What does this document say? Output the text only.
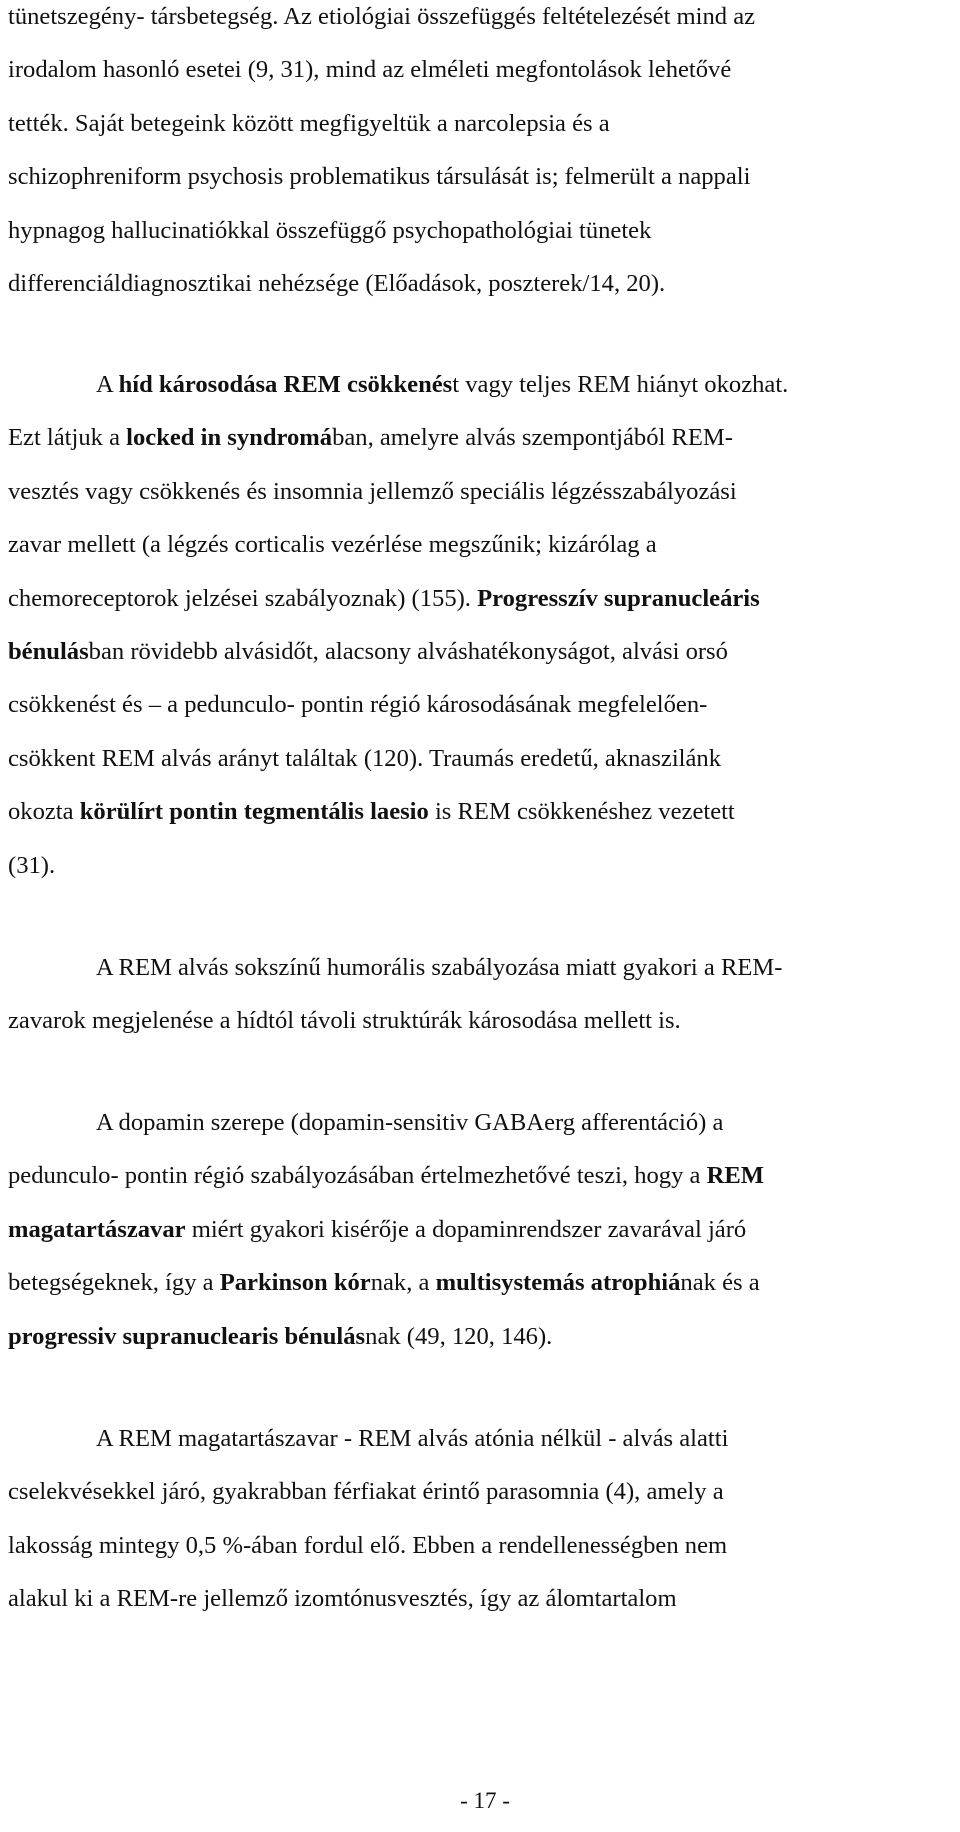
tünetszegény- társbetegség. Az etiológiai összefüggés feltételezését mind az
irodalom hasonló esetei (9, 31), mind az elméleti megfontolások lehetővé
tették. Saját betegeink között megfigyeltük a narcolepsia és a
schizophreniform psychosis problematikus társulását is; felmerült a nappali
hypnagog hallucinatiókkal összefüggő psychopathológiai tünetek
differenciáldiagnosztikai nehézsége (Előadások, poszterek/14, 20).
A híd károsodása REM csökkenést vagy teljes REM hiányt okozhat.
Ezt látjuk a locked in syndromában, amelyre alvás szempontjából REM-
vesztés vagy csökkenés és insomnia jellemző speciális légzésszabályozási
zavar mellett (a légzés corticalis vezérlése megszűnik; kizárólag a
chemoreceptorok jelzései szabályoznak) (155). Progresszív supranucleáris
bénulásban rövidebb alvásidőt, alacsony alváshatékonyságot, alvási orsó
csökkenést és – a pedunculo- pontin régió károsodásának megfelelően-
csökkent REM alvás arányt találtak (120). Traumás eredetű, aknaszilánk
okozta körülírt pontin tegmentális laesio is REM csökkenéshez vezetett
(31).
A REM alvás sokszínű humorális szabályozása miatt gyakori a REM-
zavarok megjelenése a hídtól távoli struktúrák károsodása mellett is.
A dopamin szerepe (dopamin-sensitiv GABAerg afferentáció) a
pedunculo- pontin régió szabályozásában értelmezhetővé teszi, hogy a REM
magatartászavar miért gyakori kisérője a dopaminrendszer zavarával járó
betegségeknek, így a Parkinson kórnak, a multisystemás atrophiának és a
progressiv supranuclearis bénulásnak (49, 120, 146).
A REM magatartászavar - REM alvás atónia nélkül - alvás alatti
cselekvésekkel járó, gyakrabban férfiakat érintő parasomnia (4), amely a
lakosság mintegy 0,5 %-ában fordul elő. Ebben a rendellenességben nem
alakul ki a REM-re jellemző izomtónusvesztés, így az álomtartalom
- 17 -
